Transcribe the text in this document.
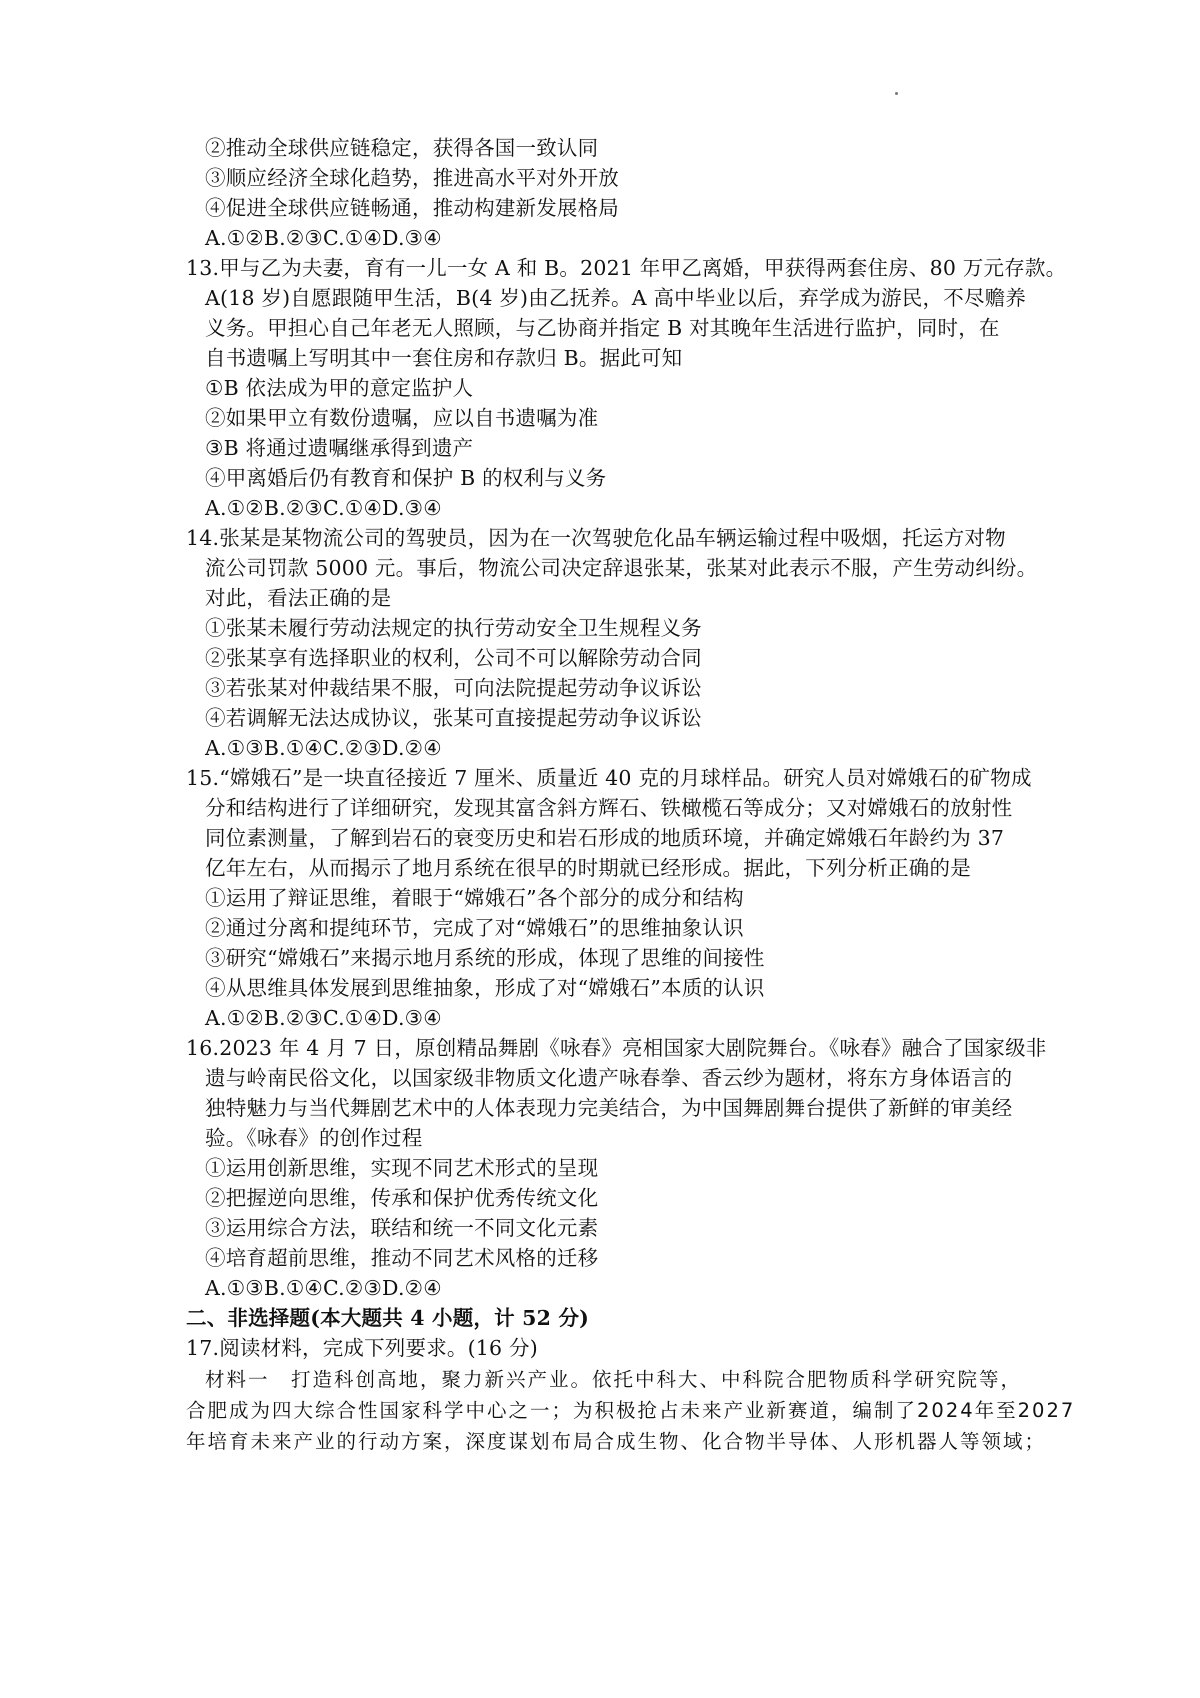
②推动全球供应链稳定，获得各国一致认同
③顺应经济全球化趋势，推进高水平对外开放
④促进全球供应链畅通，推动构建新发展格局
A.①②B.②③C.①④D.③④
13.甲与乙为夫妻，育有一儿一女 A 和 B。2021 年甲乙离婚，甲获得两套住房、80 万元存款。
A(18 岁)自愿跟随甲生活，B(4 岁)由乙抚养。A 高中毕业以后，弃学成为游民，不尽赡养
义务。甲担心自己年老无人照顾，与乙协商并指定 B 对其晚年生活进行监护，同时，在
自书遗嘱上写明其中一套住房和存款归 B。据此可知
①B 依法成为甲的意定监护人
②如果甲立有数份遗嘱，应以自书遗嘱为准
③B 将通过遗嘱继承得到遗产
④甲离婚后仍有教育和保护 B 的权利与义务
A.①②B.②③C.①④D.③④
14.张某是某物流公司的驾驶员，因为在一次驾驶危化品车辆运输过程中吸烟，托运方对物
流公司罚款 5000 元。事后，物流公司决定辞退张某，张某对此表示不服，产生劳动纠纷。
对此，看法正确的是
①张某未履行劳动法规定的执行劳动安全卫生规程义务
②张某享有选择职业的权利，公司不可以解除劳动合同
③若张某对仲裁结果不服，可向法院提起劳动争议诉讼
④若调解无法达成协议，张某可直接提起劳动争议诉讼
A.①③B.①④C.②③D.②④
15.“嫦娥石”是一块直径接近 7 厘米、质量近 40 克的月球样品。研究人员对嫦娥石的矿物成
分和结构进行了详细研究，发现其富含斜方辉石、铁橄榄石等成分；又对嫦娥石的放射性
同位素测量，了解到岩石的衰变历史和岩石形成的地质环境，并确定嫦娥石年龄约为 37
亿年左右，从而揭示了地月系统在很早的时期就已经形成。据此，下列分析正确的是
①运用了辩证思维，着眼于“嫦娥石”各个部分的成分和结构
②通过分离和提纯环节，完成了对“嫦娥石”的思维抽象认识
③研究“嫦娥石”来揭示地月系统的形成，体现了思维的间接性
④从思维具体发展到思维抽象，形成了对“嫦娥石”本质的认识
A.①②B.②③C.①④D.③④
16.2023 年 4 月 7 日，原创精品舞剧《咏春》亮相国家大剧院舞台。《咏春》融合了国家级非
遗与岭南民俗文化，以国家级非物质文化遗产咏春拳、香云纱为题材，将东方身体语言的
独特魅力与当代舞剧艺术中的人体表现力完美结合，为中国舞剧舞台提供了新鲜的审美经
验。《咏春》的创作过程
①运用创新思维，实现不同艺术形式的呈现
②把握逆向思维，传承和保护优秀传统文化
③运用综合方法，联结和统一不同文化元素
④培育超前思维，推动不同艺术风格的迁移
A.①③B.①④C.②③D.②④
二、非选择题(本大题共 4 小题，计 52 分)
17.阅读材料，完成下列要求。(16 分)
材料一　打造科创高地，聚力新兴产业。依托中科大、中科院合肥物质科学研究院等，
合肥成为四大综合性国家科学中心之一；为积极抢占未来产业新赛道，编制了2024年至2027
年培育未来产业的行动方案，深度谋划布局合成生物、化合物半导体、人形机器人等领域；
